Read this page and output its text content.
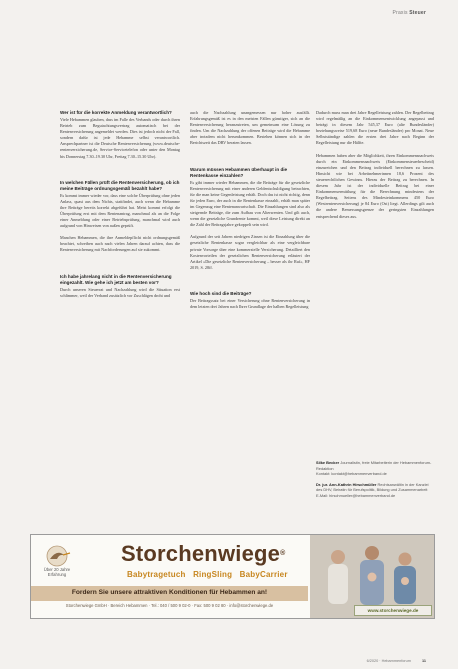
Praxis Steuer
Wer ist für die korrekte Anmeldung verantwortlich?

Viele Hebammen glauben, dass im Falle des Verbands oder durch ihren Betrieb zum Begutachtungsvertrag automatisch bei der Rentenversicherung angemeldet werden. Dies ist jedoch nicht der Fall, sondern dafür ist jede Hebamme selbst verantwortlich. Ansprechpartner ist die Deutsche Rentenversicherung (www.deutsche-rentenversicherung.de, Service-Servicetelefon oder unter den Montag bis Donnerstag 7.30–19.30 Uhr, Freitag 7.30–15.30 Uhr).

In welchen Fällen prüft die Rentenversicherung, ob ich meine Beiträge ordnungsgemäß bezahlt habe?

Es kommt immer wieder vor, dass eine solche Überprüfung ohne jeden Anlass, quasi aus dem Nichts, stattfindet, auch wenn die Hebamme ihre Beiträge bereits korrekt abgeführt hat. Meist kommt erfolgt die Überprüfung erst mit dem Rentenantrag, manchmal als an die Folge einer Anmeldung oder einer Betriebsprüfung, manchmal wird auch aufgrund von Hinweisen von außen geprüft.

Manchen Hebammen, die ihre Anmeldepflicht nicht ordnungsgemäß beachtet, schreiben auch nach vielen Jahren darauf achten, dass die Rentenversicherung mit Nachforderungen auf sie zukommt.

Ich habe jahrelang nicht in die Rentenversicherung eingezahlt. Wie gehe ich jetzt am besten vor?

Durch unseren Steuerrat und Nachzahlung wird die Situation erst schlimmer, weil der Verband zusätzlich vor Zuschlägen droht und

auch die Nachzahlung unangemessen nur hoher ausfällt. Erfahrungsgemäß ist es in den meisten Fällen günstiger, sich an die Rentenversicherung heranzutreten, um gemeinsam eine Lösung zu finden. Um die Nachzahlung der offenen Beiträge wird die Hebamme aber trotzdem nicht herumkommen. Bestehen können sich in der Berichtszeit das DRV beraten lassen.

Warum müssen Hebammen überhaupt in die Rentenkasse einzahlen?

Es gibt immer wieder Hebammen, die die Beiträge für die gesetzliche Rentenversicherung mit einer anderen Geldentschuldigung betrachten, für die man keine Gegenleistung erhält. Doch das ist nicht richtig, denn für jeden Euro, der auch in die Rentenkasse einzahlt, erhält man später im Gegenzug eine Rentenanwartschaft. Die Einzahlungen sind also als steigernde Beiträge, die zum Aufbau von Altersrenten. Und gilt auch, wenn die gesetzliche Grundrente kommt, weil diese Leistung direkt an die Zahl der Beitragsjahre gekoppelt sein wird.

Aufgrund der seit Jahren niedrigen Zinsen ist die Einzahlung über die gesetzliche Rentenkasse sogar vergleichbar als eine vergleichbare private Vorsorge über eine kommerzielle Versicherung. Detailliert den Kostenvorteilen der gesetzlichen Rentenversicherung erläutert der Artikel »Die gesetzliche Rentenversicherung – besser als ihr Ruf«, HF 2019, S. 28ff.

Wie hoch sind die Beiträge?

Der Beitragssatz bei einer Versicherung ohne Rentenversicherung in dem letzten drei Jahren nach Ihrer Grundlage der halben Regelleistung

Dadurch muss man drei Jahre Regelleistung zahlen. Der Regelbeitrag wird regelmäßig an die Einkommensentwicklung angepasst und beträgt in diesem Jahr 545,37 Euro (alte Bundesländer) beziehungsweise 519,68 Euro (neue Bundesländer) pro Monat. Neue Selbstständige zahlen die ersten drei Jahre nach Beginn der Regelleistung nur die Hälfte.

Hebammen haben aber die Möglichkeit, ihren Einkommensnachweis durch ein Einkommensnachweis (Einkommensteuerbescheid) einzureichen und den Beitrag individuell berechnen zu lassen. Hinsicht wie bei Arbeitnehmerinnen 18,6 Prozent des steuerrechtlichen Gewinns. Hierzu der Beitrag zu berechnen. In diesem Jahr ist der individuelle Beitrag bei einer Einkommensermittlung für die Berechnung mindestens der Regelbeitrag. Seitens des Mindesteinkommens 450 Euro (Westrentenversicherung) je 84 Euro (Ost) liegt. Allerdings gilt auch die andere Bemessungsgrenze der geringsten Einzahlungen entsprechend dieses aus.

Silke Becker Journalistin, freie Mitarbeiterin der Hebammenforum-Redaktion
Kontakt: kontakt@hebammenverband.de
Dr. jur. Ann-Kathrin Hirschmüller Rechtsanwältin in der Kanzlei des DHV, Beiratin für Berufspolitik, Bildung und Zusammenarbeit
E-Mail: hirschmueller@hebammenverband.de
Über 20 Jahre
Erfahrung
Storchenwiege®
Babytragetuch RingSling BabyCarrier
Fordern Sie unsere attraktiven Konditionen für Hebammen an!
Storchenwiege GmbH · Bereich Hebammen · Tel.: 040 / 500 9 02-0 · Fax: 500 9 02 80 · info@storchenwiege.de
www.storchenwiege.de
6/2020 · Hebammenforum	11
